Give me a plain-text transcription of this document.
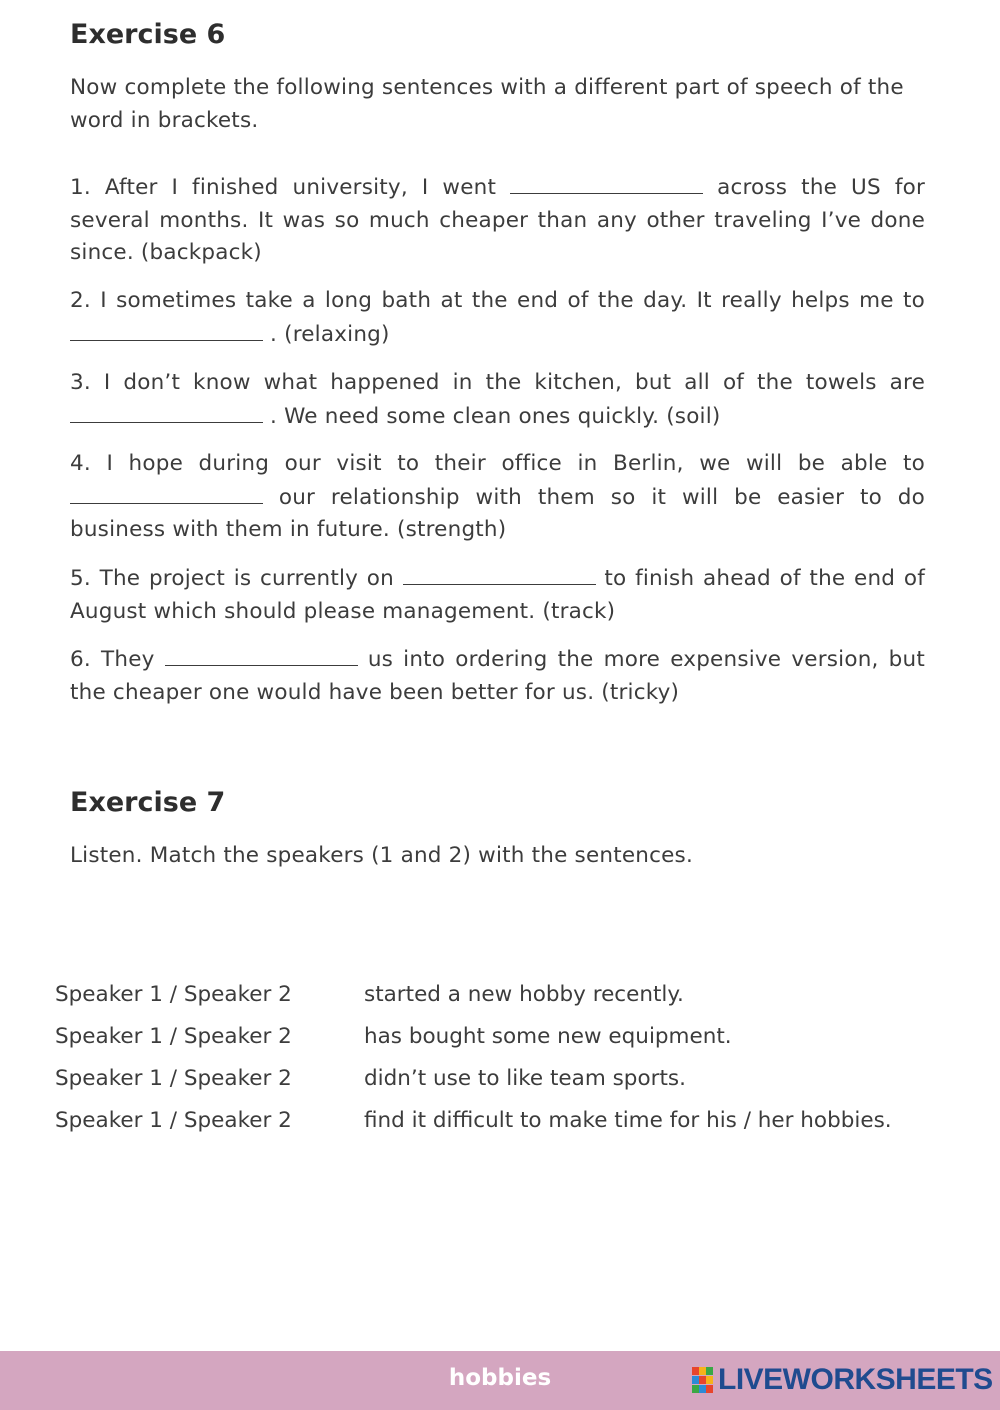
Exercise 6

Now complete the following sentences with a different part of speech of the word in brackets.

1. After I finished university, I went	across the US for several months. It was so much cheaper than any other traveling I’ve done since. (backpack)

2. I sometimes take a long bath at the end of the day. It really helps me to  . (relaxing)

3. I don’t know what happened in the kitchen, but all of the towels are  . We need some clean ones quickly. (soil)

4. I hope during our visit to their office in Berlin, we will be able to  our relationship with them so it will be easier to do business with them in future. (strength)

5. The project is currently on	to finish ahead of the end of August which should please management. (track)

6. They	us into ordering the more expensive version, but the cheaper one would have been better for us. (tricky)

Exercise 7

Listen. Match the speakers (1 and 2) with the sentences.

Speaker 1 / Speaker 2	started a new hobby recently.
Speaker 1 / Speaker 2	has bought some new equipment.
Speaker 1 / Speaker 2	didn’t use to like team sports.
Speaker 1 / Speaker 2	find it difficult to make time for his / her hobbies.
hobbies	LIVEWORKSHEETS
